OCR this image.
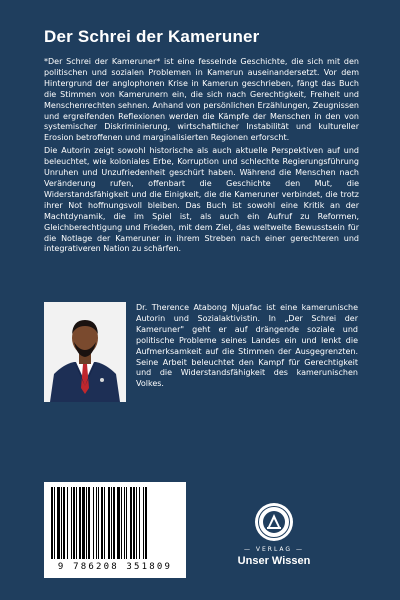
Der Schrei der Kameruner

*Der Schrei der Kameruner* ist eine fesselnde Geschichte, die sich mit den politischen und sozialen Problemen in Kamerun auseinandersetzt. Vor dem Hintergrund der anglophonen Krise in Kamerun geschrieben, fängt das Buch die Stimmen von Kamerunern ein, die sich nach Gerechtigkeit, Freiheit und Menschenrechten sehnen. Anhand von persönlichen Erzählungen, Zeugnissen und ergreifenden Reflexionen werden die Kämpfe der Menschen in den von systemischer Diskriminierung, wirtschaftlicher Instabilität und kultureller Erosion betroffenen und marginalisierten Regionen erforscht.

Die Autorin zeigt sowohl historische als auch aktuelle Perspektiven auf und beleuchtet, wie koloniales Erbe, Korruption und schlechte Regierungsführung Unruhen und Unzufriedenheit geschürt haben. Während die Menschen nach Veränderung rufen, offenbart die Geschichte den Mut, die Widerstandsfähigkeit und die Einigkeit, die die Kameruner verbindet, die trotz ihrer Not hoffnungsvoll bleiben. Das Buch ist sowohl eine Kritik an der Machtdynamik, die im Spiel ist, als auch ein Aufruf zu Reformen, Gleichberechtigung und Frieden, mit dem Ziel, das weltweite Bewusstsein für die Notlage der Kameruner in ihrem Streben nach einer gerechteren und integrativeren Nation zu schärfen.

Dr. Therence Atabong Njuafac ist eine kamerunische Autorin und Sozialaktivistin. In „Der Schrei der Kameruner" geht er auf drängende soziale und politische Probleme seines Landes ein und lenkt die Aufmerksamkeit auf die Stimmen der Ausgegrenzten. Seine Arbeit beleuchtet den Kampf für Gerechtigkeit und die Widerstandsfähigkeit des kamerunischen Volkes.
9 786208 351809
— VERLAG —
Unser Wissen
